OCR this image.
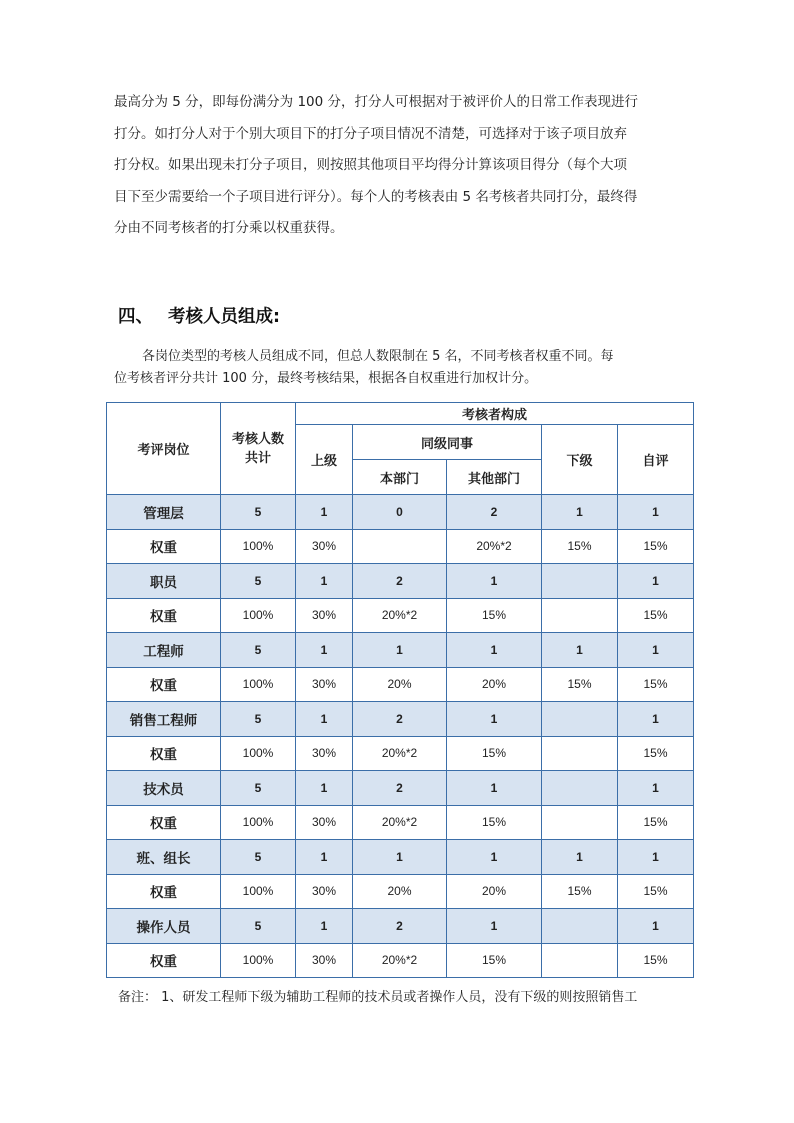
最高分为 5 分，即每份满分为 100 分，打分人可根据对于被评价人的日常工作表现进行
打分。如打分人对于个别大项目下的打分子项目情况不清楚，可选择对于该子项目放弃
打分权。如果出现未打分子项目，则按照其他项目平均得分计算该项目得分（每个大项
目下至少需要给一个子项目进行评分）。每个人的考核表由 5 名考核者共同打分，最终得
分由不同考核者的打分乘以权重获得。
四、 考核人员组成:
各岗位类型的考核人员组成不同，但总人数限制在 5 名，不同考核者权重不同。每
位考核者评分共计 100 分，最终考核结果，根据各自权重进行加权计分。
考评岗位	考核人数共计	考核者构成				
		上级	同级同事		下级	自评
			本部门	其他部门		
管理层	5	1	0	2	1	1
权重	100%	30%		20%*2	15%	15%
职员	5	1	2	1		1
权重	100%	30%	20%*2	15%		15%
工程师	5	1	1	1	1	1
权重	100%	30%	20%	20%	15%	15%
销售工程师	5	1	2	1		1
权重	100%	30%	20%*2	15%		15%
技术员	5	1	2	1		1
权重	100%	30%	20%*2	15%		15%
班、组长	5	1	1	1	1	1
权重	100%	30%	20%	20%	15%	15%
操作人员	5	1	2	1		1
权重	100%	30%	20%*2	15%		15%
备注： 1、研发工程师下级为辅助工程师的技术员或者操作人员，没有下级的则按照销售工
